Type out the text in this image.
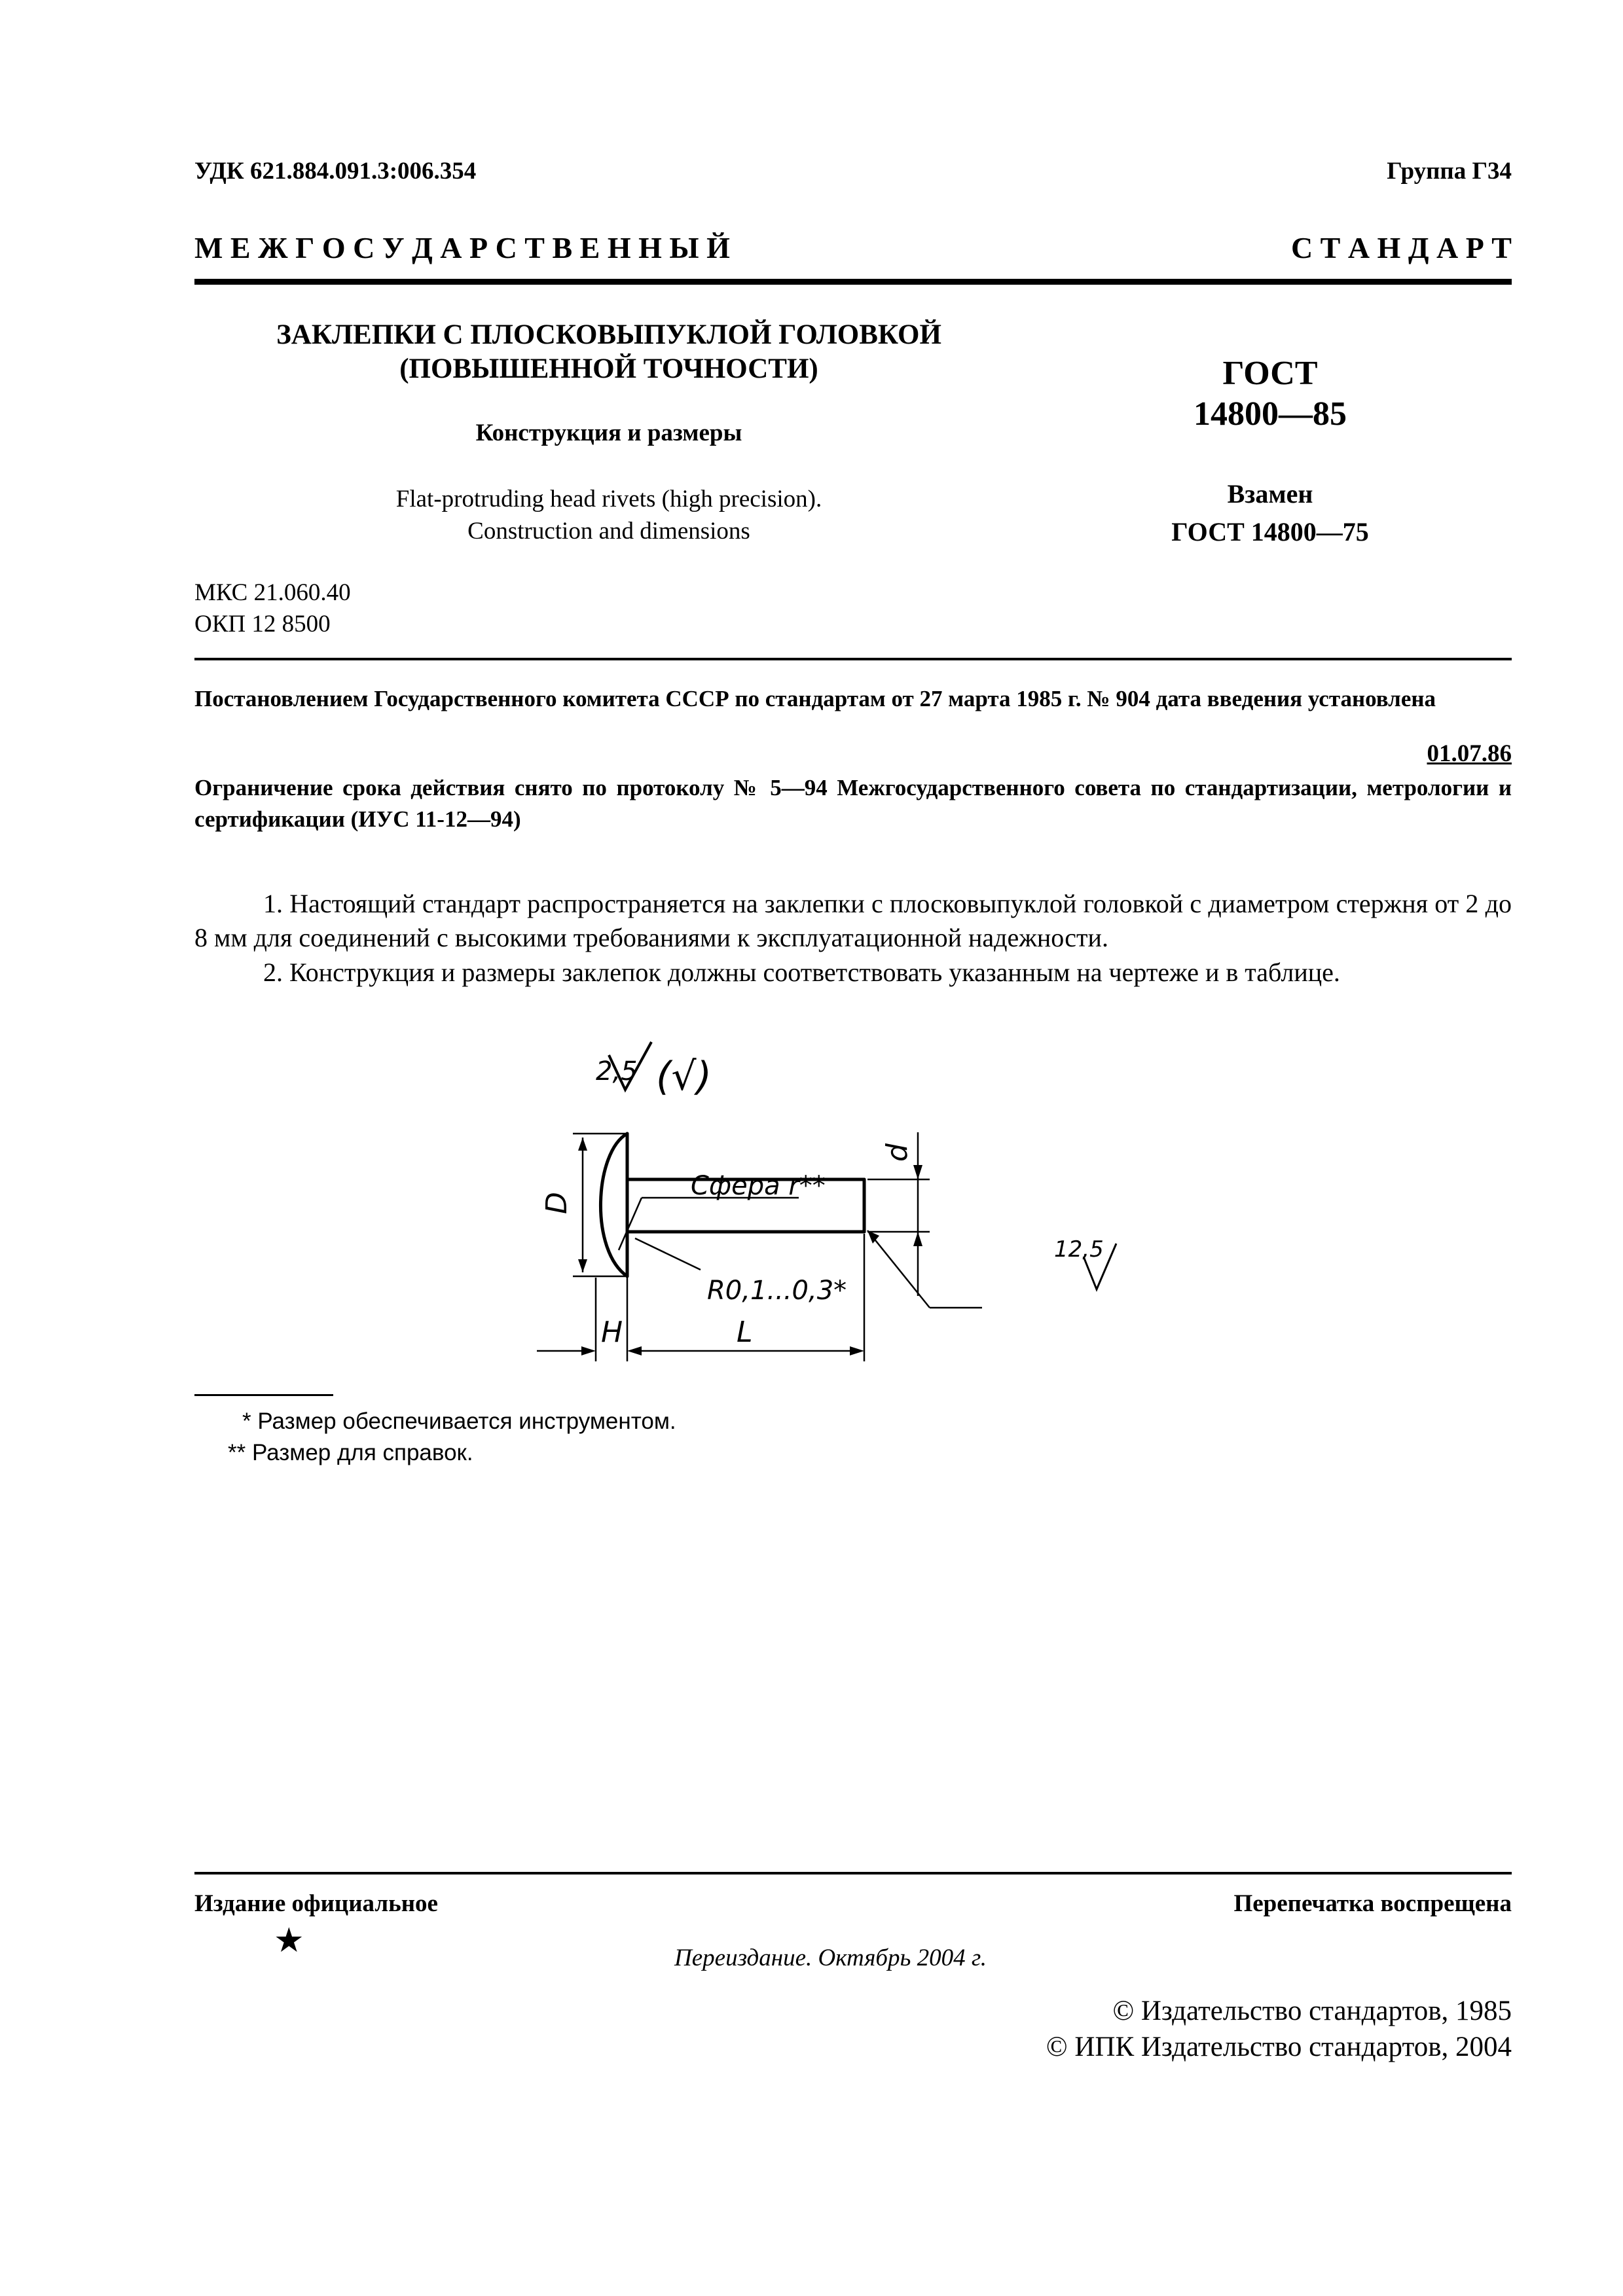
УДК 621.884.091.3:006.354	Группа Г34
М Е Ж Г О С У Д А Р С Т В Е Н Н Ы Й	С Т А Н Д А Р Т
ЗАКЛЕПКИ С ПЛОСКОВЫПУКЛОЙ ГОЛОВКОЙ
(ПОВЫШЕННОЙ ТОЧНОСТИ)
Конструкция и размеры
Flat-protruding head rivets (high precision).
Construction and dimensions
ГОСТ
14800—85
Взамен
ГОСТ 14800—75
МКС 21.060.40
ОКП 12 8500
Постановлением Государственного комитета СССР по стандартам от 27 марта 1985 г. № 904 дата введения установлена
01.07.86
Ограничение срока действия снято по протоколу № 5—94 Межгосударственного совета по стандартизации, метрологии и сертификации (ИУС 11-12—94)
1. Настоящий стандарт распространяется на заклепки с плосковыпуклой головкой с диаметром стержня от 2 до 8 мм для соединений с высокими требованиями к эксплуатационной надежности.
2. Конструкция и размеры заклепок должны соответствовать указанным на чертеже и в таблице.
2,5 (√)
D
d
H	L
Сфера r**
R0,1...0,3*
12,5
* Размер обеспечивается инструментом.
** Размер для справок.
Издание официальное	Перепечатка воспрещена
★	Переиздание. Октябрь 2004 г.
© Издательство стандартов, 1985
© ИПК Издательство стандартов, 2004
